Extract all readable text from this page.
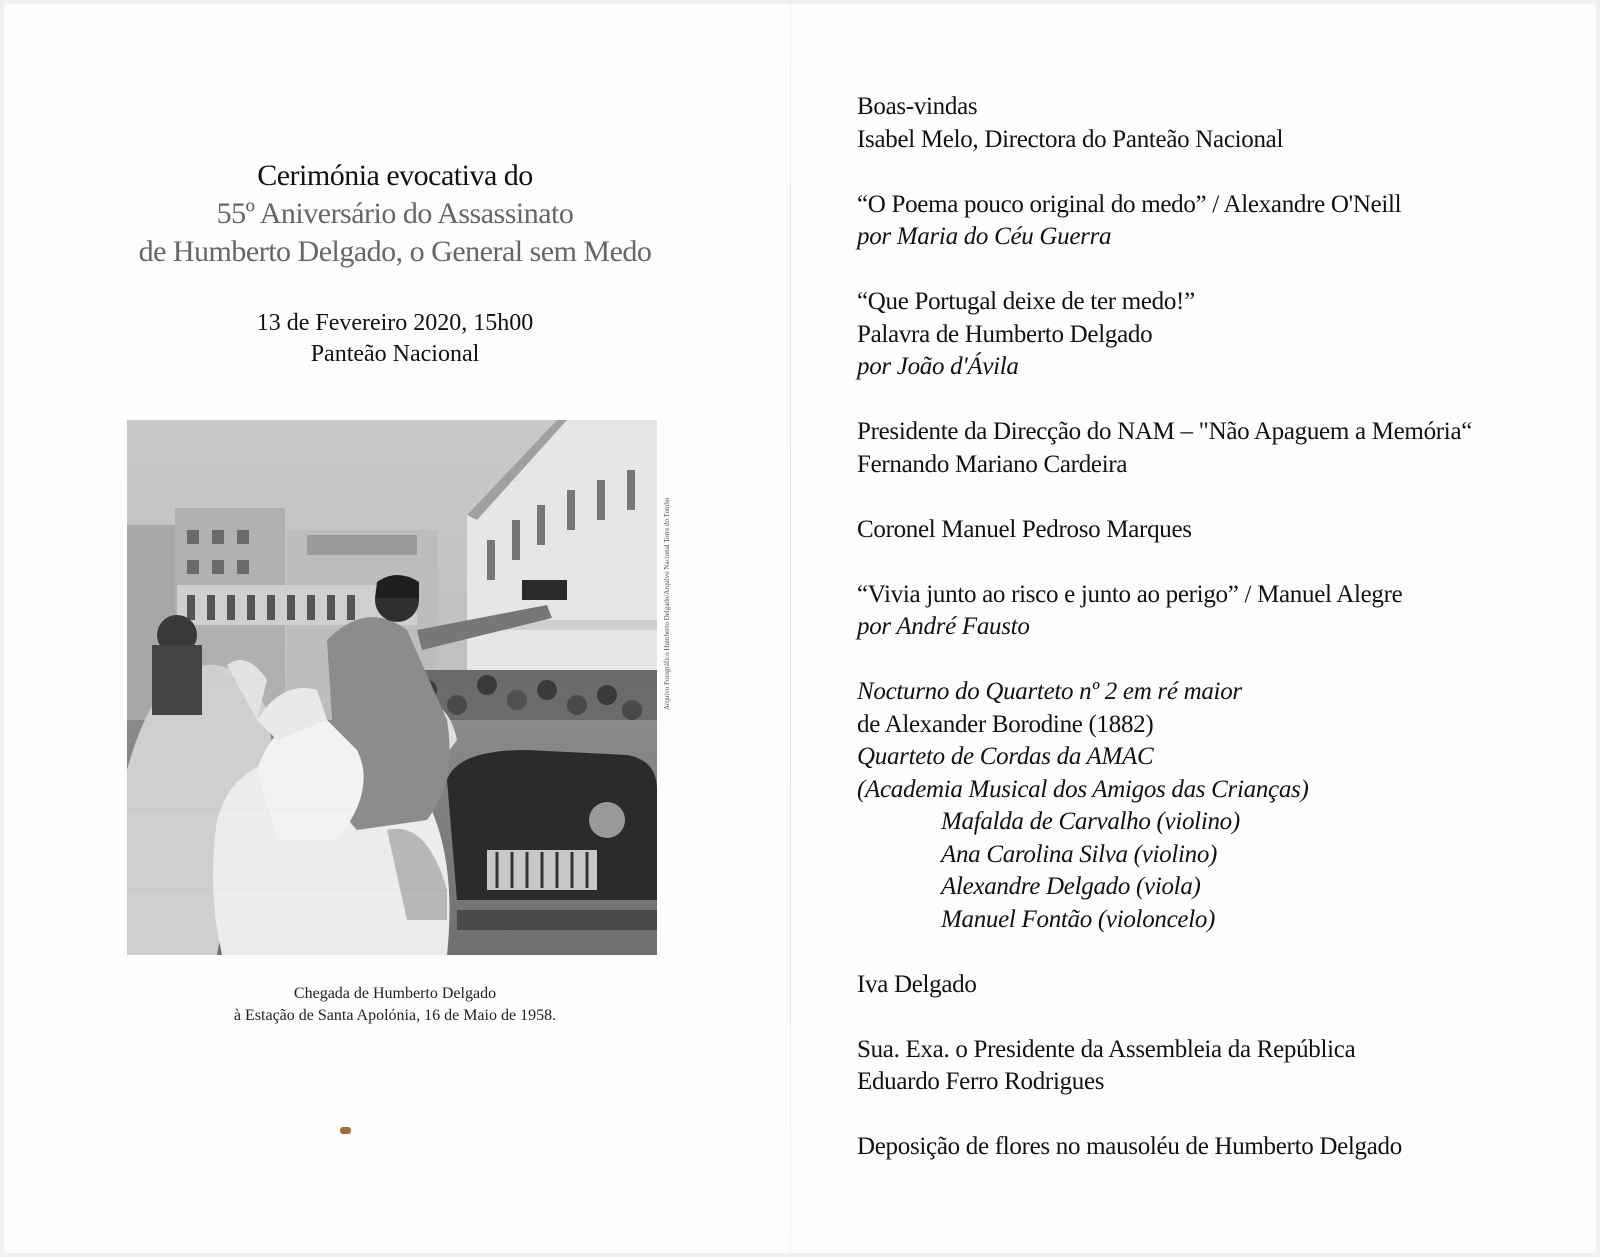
Cerimónia evocativa do
55º Aniversário do Assassinato
de Humberto Delgado, o General sem Medo
13 de Fevereiro 2020, 15h00
Panteão Nacional
Arquivo Fotográfico Humberto Delgado/Arquivo Nacional Torre do Tombo
Chegada de Humberto Delgado
à Estação de Santa Apolónia, 16 de Maio de 1958.
Boas-vindas
Isabel Melo, Directora do Panteão Nacional
“O Poema pouco original do medo” / Alexandre O'Neill
por Maria do Céu Guerra
“Que Portugal deixe de ter medo!”
Palavra de Humberto Delgado
por João d'Ávila
Presidente da Direcção do NAM – "Não Apaguem a Memória“
Fernando Mariano Cardeira
Coronel Manuel Pedroso Marques
“Vivia junto ao risco e junto ao perigo” / Manuel Alegre
por André Fausto
Nocturno do Quarteto nº 2 em ré maior
de Alexander Borodine (1882)
Quarteto de Cordas da AMAC
(Academia Musical dos Amigos das Crianças)
Mafalda de Carvalho (violino)
Ana Carolina Silva (violino)
Alexandre Delgado (viola)
Manuel Fontão (violoncelo)
Iva Delgado
Sua. Exa. o Presidente da Assembleia da República
Eduardo Ferro Rodrigues
Deposição de flores no mausoléu de Humberto Delgado
